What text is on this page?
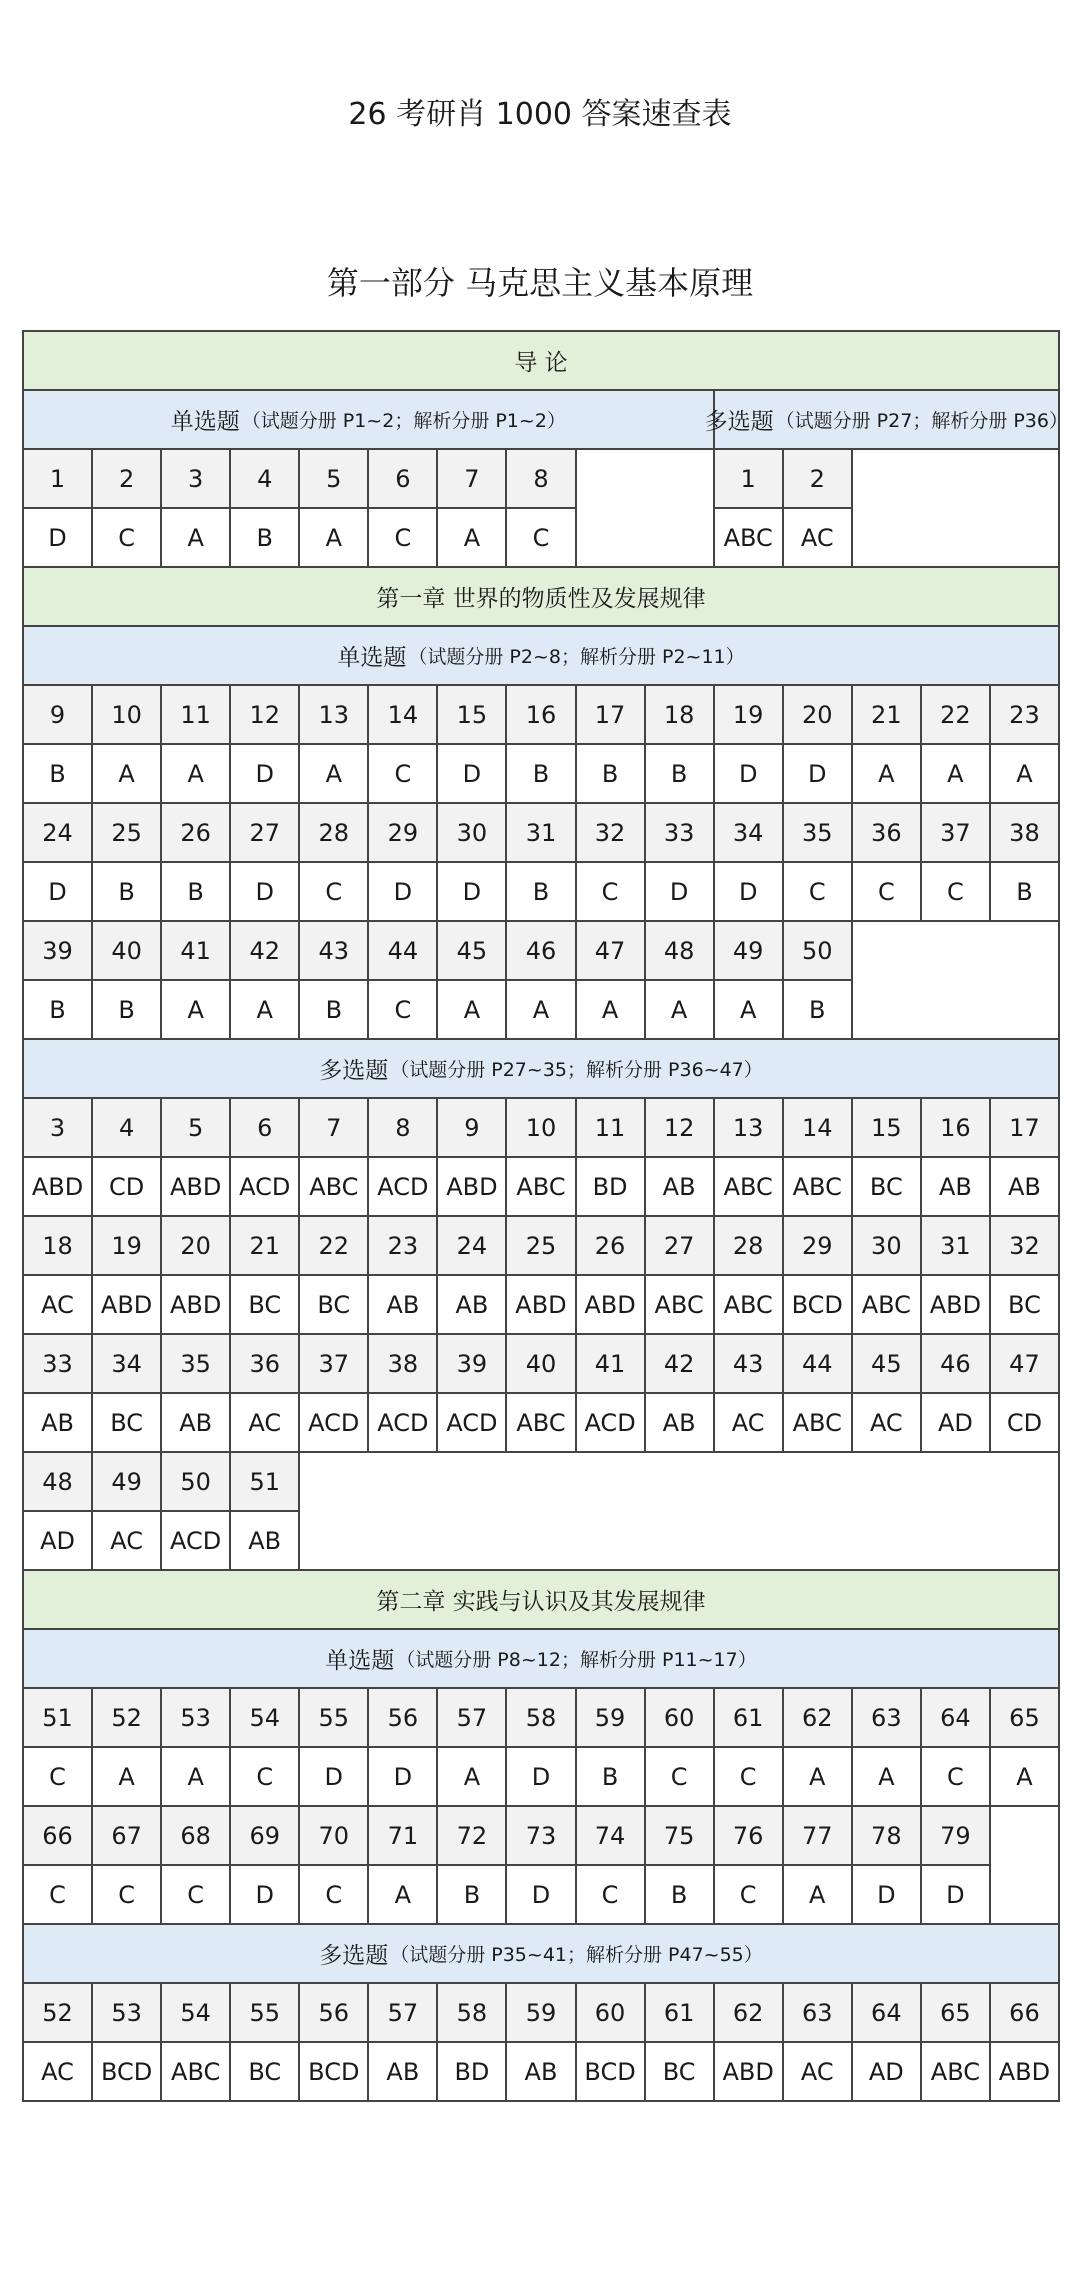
26 考研肖 1000 答案速查表
第一部分 马克思主义基本原理
导 论
单选题 （试题分册 P1~2；解析分册 P1~2）	多选题 （试题分册 P27；解析分册 P36）
1
D
2
C
3
A
4
B
5
A
6
C
7
A
8
C
1
ABC
2
AC
第一章 世界的物质性及发展规律
单选题 （试题分册 P2~8；解析分册 P2~11）
9
B
10
A
11
A
12
D
13
A
14
C
15
D
16
B
17
B
18
B
19
D
20
D
21
A
22
A
23
A
24
D
25
B
26
B
27
D
28
C
29
D
30
D
31
B
32
C
33
D
34
D
35
C
36
C
37
C
38
B
39
B
40
B
41
A
42
A
43
B
44
C
45
A
46
A
47
A
48
A
49
A
50
B
多选题 （试题分册 P27~35；解析分册 P36~47）
3
ABD
4
CD
5
ABD
6
ACD
7
ABC
8
ACD
9
ABD
10
ABC
11
BD
12
AB
13
ABC
14
ABC
15
BC
16
AB
17
AB
18
AC
19
ABD
20
ABD
21
BC
22
BC
23
AB
24
AB
25
ABD
26
ABD
27
ABC
28
ABC
29
BCD
30
ABC
31
ABD
32
BC
33
AB
34
BC
35
AB
36
AC
37
ACD
38
ACD
39
ACD
40
ABC
41
ACD
42
AB
43
AC
44
ABC
45
AC
46
AD
47
CD
48
AD
49
AC
50
ACD
51
AB
第二章 实践与认识及其发展规律
单选题 （试题分册 P8~12；解析分册 P11~17）
51
C
52
A
53
A
54
C
55
D
56
D
57
A
58
D
59
B
60
C
61
C
62
A
63
A
64
C
65
A
66
C
67
C
68
C
69
D
70
C
71
A
72
B
73
D
74
C
75
B
76
C
77
A
78
D
79
D
多选题 （试题分册 P35~41；解析分册 P47~55）
52
AC
53
BCD
54
ABC
55
BC
56
BCD
57
AB
58
BD
59
AB
60
BCD
61
BC
62
ABD
63
AC
64
AD
65
ABC
66
ABD
